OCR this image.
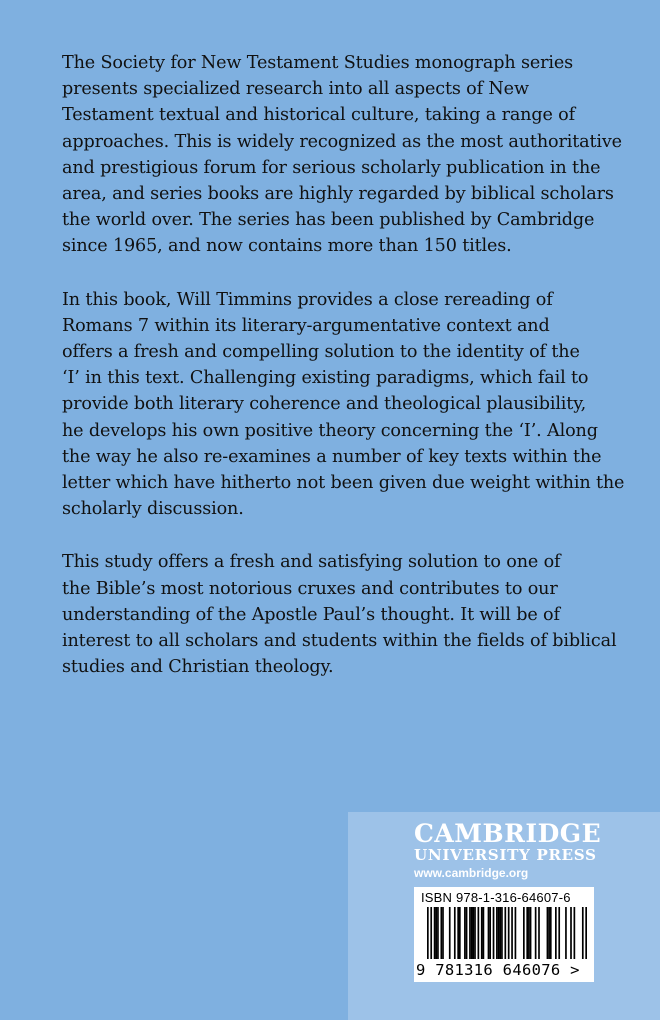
The Society for New Testament Studies monograph series
presents specialized research into all aspects of New
Testament textual and historical culture, taking a range of
approaches. This is widely recognized as the most authoritative
and prestigious forum for serious scholarly publication in the
area, and series books are highly regarded by biblical scholars
the world over. The series has been published by Cambridge
since 1965, and now contains more than 150 titles.

In this book, Will Timmins provides a close rereading of
Romans 7 within its literary-argumentative context and
offers a fresh and compelling solution to the identity of the
‘I’ in this text. Challenging existing paradigms, which fail to
provide both literary coherence and theological plausibility,
he develops his own positive theory concerning the ‘I’. Along
the way he also re-examines a number of key texts within the
letter which have hitherto not been given due weight within the
scholarly discussion.

This study offers a fresh and satisfying solution to one of
the Bible’s most notorious cruxes and contributes to our
understanding of the Apostle Paul’s thought. It will be of
interest to all scholars and students within the fields of biblical
studies and Christian theology.

CAMBRIDGE
UNIVERSITY PRESS
www.cambridge.org
ISBN 978-1-316-64607-6
9 781316 646076 >
